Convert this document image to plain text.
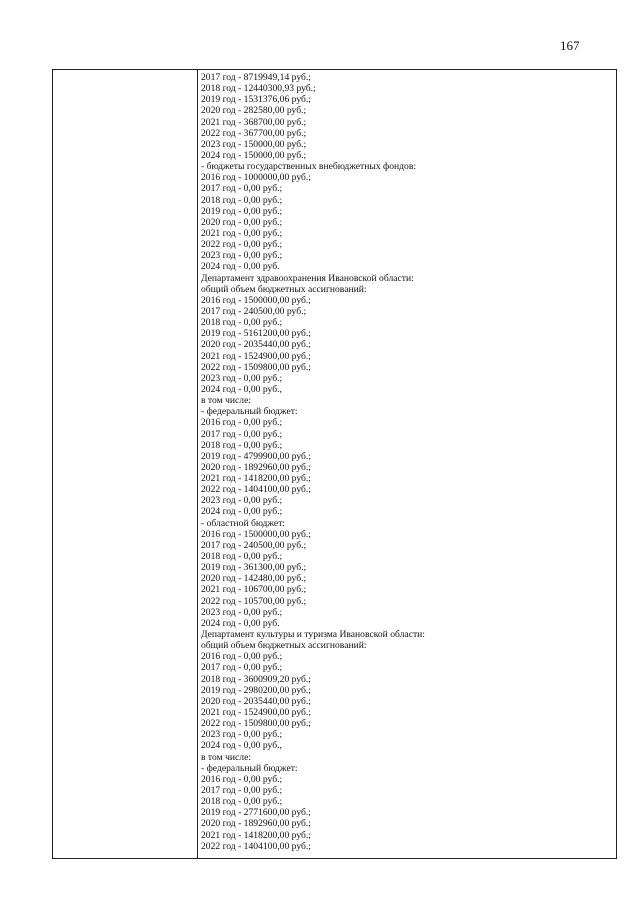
167
2017 год - 8719949,14 руб.;
2018 год - 12440300,93 руб.;
2019 год - 1531376,06 руб.;
2020 год - 282580,00 руб.;
2021 год - 368700,00 руб.;
2022 год - 367700,00 руб.;
2023 год - 150000,00 руб.;
2024 год - 150000,00 руб.;
- бюджеты государственных внебюджетных фондов:
2016 год - 1000000,00 руб.;
2017 год - 0,00 руб.;
2018 год - 0,00 руб.;
2019 год - 0,00 руб.;
2020 год - 0,00 руб.;
2021 год - 0,00 руб.;
2022 год - 0,00 руб.;
2023 год - 0,00 руб.;
2024 год - 0,00 руб.
Департамент здравоохранения Ивановской области:
общий объем бюджетных ассигнований:
2016 год - 1500000,00 руб.;
2017 год - 240500,00 руб.;
2018 год - 0,00 руб.;
2019 год - 5161200,00 руб.;
2020 год - 2035440,00 руб.;
2021 год - 1524900,00 руб.;
2022 год - 1509800,00 руб.;
2023 год - 0,00 руб.;
2024 год - 0,00 руб.,
в том числе:
- федеральный бюджет:
2016 год - 0,00 руб.;
2017 год - 0,00 руб.;
2018 год - 0,00 руб.;
2019 год - 4799900,00 руб.;
2020 год - 1892960,00 руб.;
2021 год - 1418200,00 руб.;
2022 год - 1404100,00 руб.;
2023 год - 0,00 руб.;
2024 год - 0,00 руб.;
- областной бюджет:
2016 год - 1500000,00 руб.;
2017 год - 240500,00 руб.;
2018 год - 0,00 руб.;
2019 год - 361300,00 руб.;
2020 год - 142480,00 руб.;
2021 год - 106700,00 руб.;
2022 год - 105700,00 руб.;
2023 год - 0,00 руб.;
2024 год - 0,00 руб.
Департамент культуры и туризма Ивановской области:
общий объем бюджетных ассигнований:
2016 год - 0,00 руб.;
2017 год - 0,00 руб.;
2018 год - 3600909,20 руб.;
2019 год - 2980200,00 руб.;
2020 год - 2035440,00 руб.;
2021 год - 1524900,00 руб.;
2022 год - 1509800,00 руб.;
2023 год - 0,00 руб.;
2024 год - 0,00 руб.,
в том числе:
- федеральный бюджет:
2016 год - 0,00 руб.;
2017 год - 0,00 руб.;
2018 год - 0,00 руб.;
2019 год - 2771600,00 руб.;
2020 год - 1892960,00 руб.;
2021 год - 1418200,00 руб.;
2022 год - 1404100,00 руб.;
